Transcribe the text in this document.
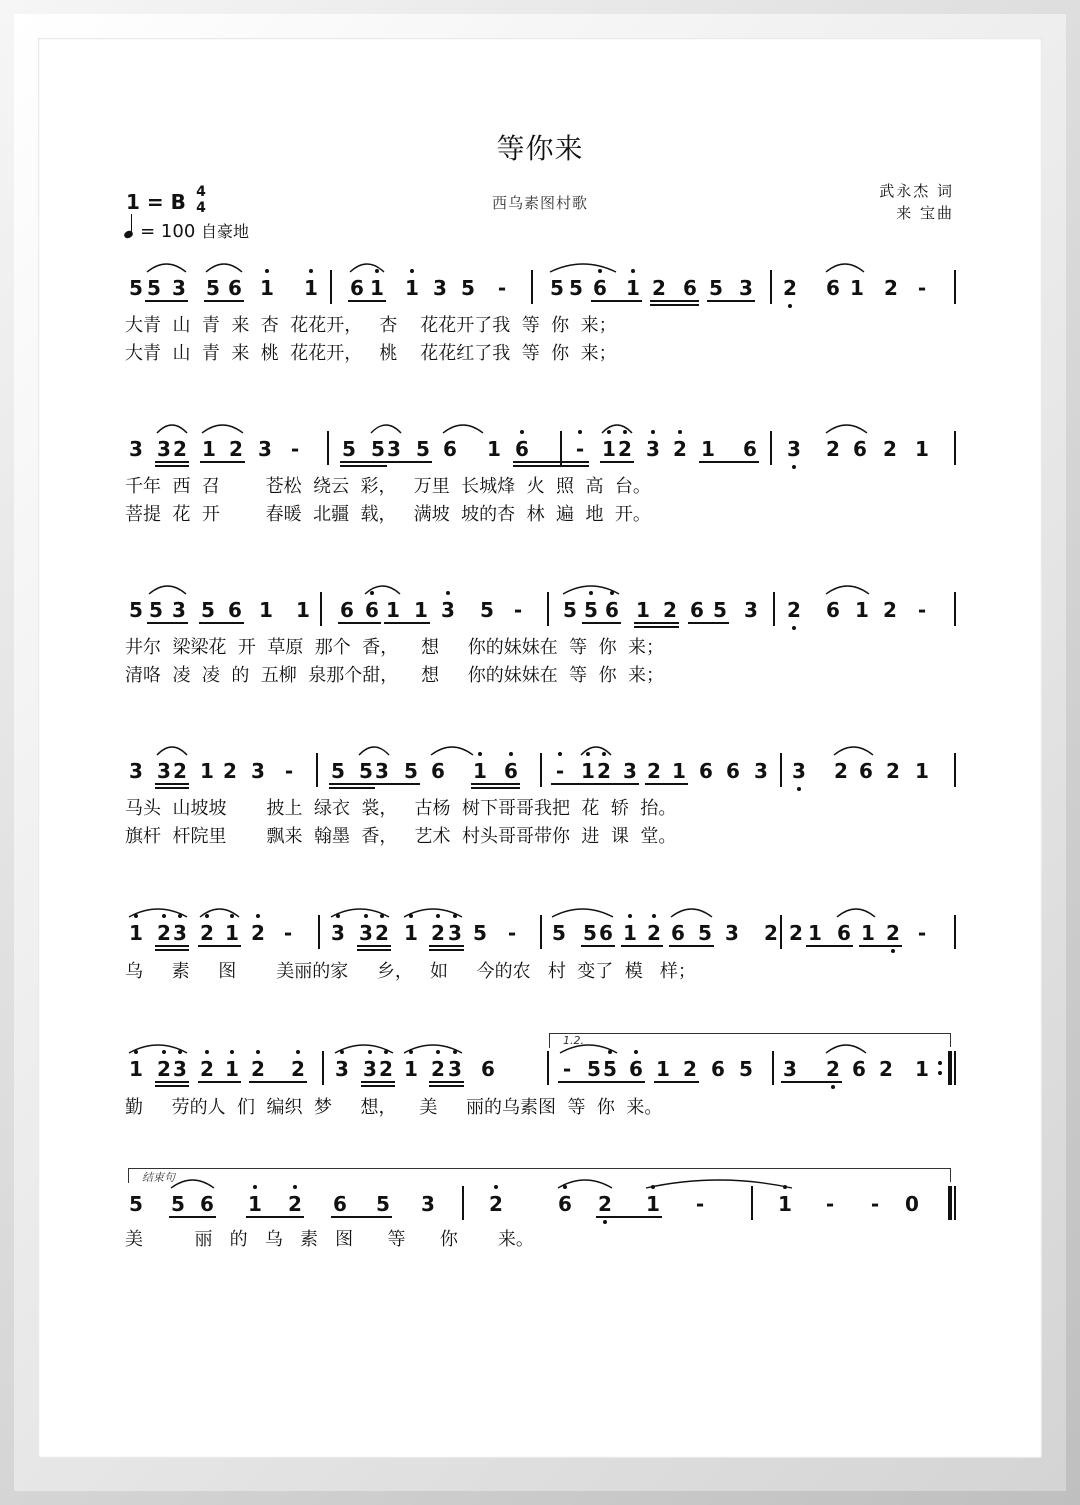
等你来
1 = B 4
4
= 100 自豪地
西乌素图村歌
武永杰 词
来 宝曲
5 5 3 5 6 1 1 6 1 1 3 5 - 5 5 6 1 2 6 5 3 2 6 1 2 -
大青  山  青  来  杏  花花开，   杏    花花开了我  等  你  来；
大青  山  青  来  桃  花花开，   桃    花花红了我  等  你  来；
3 3 2 1 2 3 - 5 5 3 5 6 1 6 - 1 2 3 2 1 6 3 2 6 2 1
千年  西  召        苍松  绕云  彩，   万里  长城烽  火  照  高  台。
菩提  花  开        春暖  北疆  载，   满坡  坡的杏  林  遍  地  开。
5 5 3 5 6 1 1 6 6 1 1 3 5 - 5 5 6 1 2 6 5 3 2 6 1 2 -
井尔  梁梁花  开  草原  那个  香，    想     你的妹妹在  等  你  来；
清咯  凌  凌  的  五柳  泉那个甜，    想     你的妹妹在  等  你  来；
3 3 2 1 2 3 - 5 5 3 5 6 1 6 - 1 2 3 2 1 6 6 3 3 2 6 2 1
马头  山坡坡       披上  绿衣  裳，   古杨  树下哥哥我把  花  轿  抬。
旗杆  杆院里       飘来  翰墨  香，   艺术  村头哥哥带你  进  课  堂。
1 2 3 2 1 2 - 3 3 2 1 2 3 5 - 5 5 6 1 2 6 5 3 2 2 1 6 1 2 -
乌     素     图       美丽的家     乡，   如     今的农   村  变了  模   样；
1 2 3 2 1 2 2 3 3 2 1 2 3 6	- 5 5 6 1 2 6 5 3 2 6 2 1
1.2.
勤     劳的人  们  编织  梦     想，    美     丽的乌素图  等  你  来。
5 5 6 1 2 6 5 3	2	6 2 1 -	1 - - 0
结束句
美         丽   的   乌   素   图      等      你       来。
